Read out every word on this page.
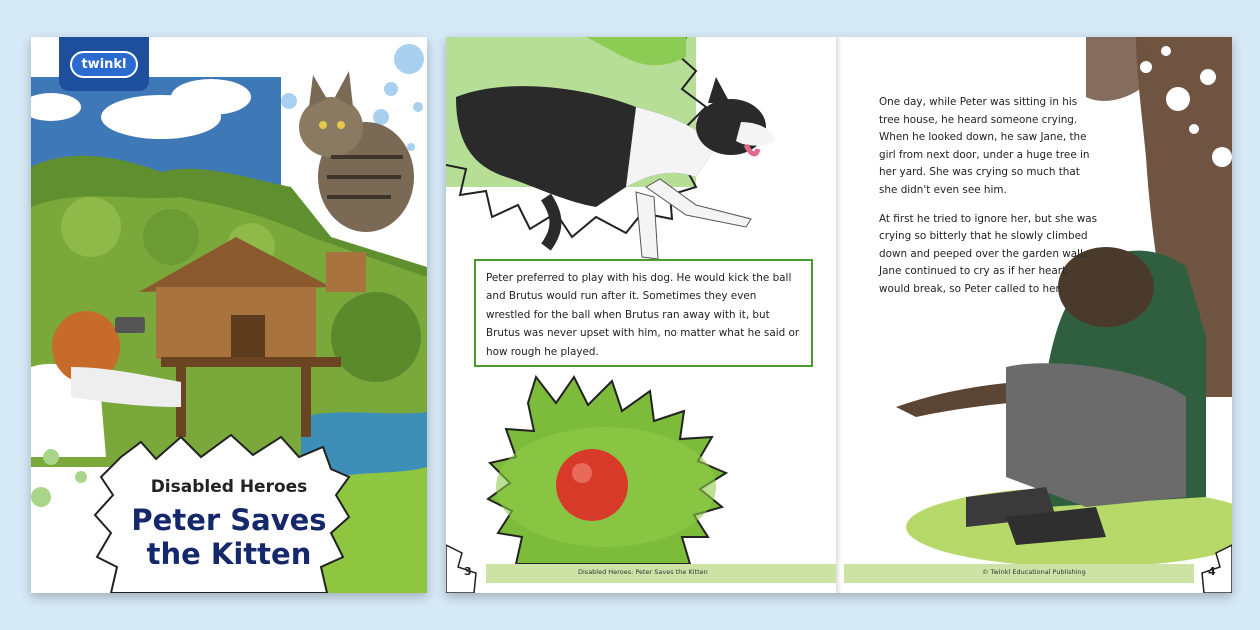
twinkl

Disabled Heroes

Peter Saves the Kitten

Peter preferred to play with his dog. He would kick the ball and Brutus would run after it. Sometimes they even wrestled for the ball when Brutus ran away with it, but Brutus was never upset with him, no matter what he said or how rough he played.

One day, while Peter was sitting in his tree house, he heard someone crying. When he looked down, he saw Jane, the girl from next door, under a huge tree in her yard. She was crying so much that she didn't even see him.

At first he tried to ignore her, but she was crying so bitterly that he slowly climbed down and peeped over the garden wall. Jane continued to cry as if her heart would break, so Peter called to her.

Disabled Heroes: Peter Saves the Kitten	© Twinkl Educational Publishing
3	4
